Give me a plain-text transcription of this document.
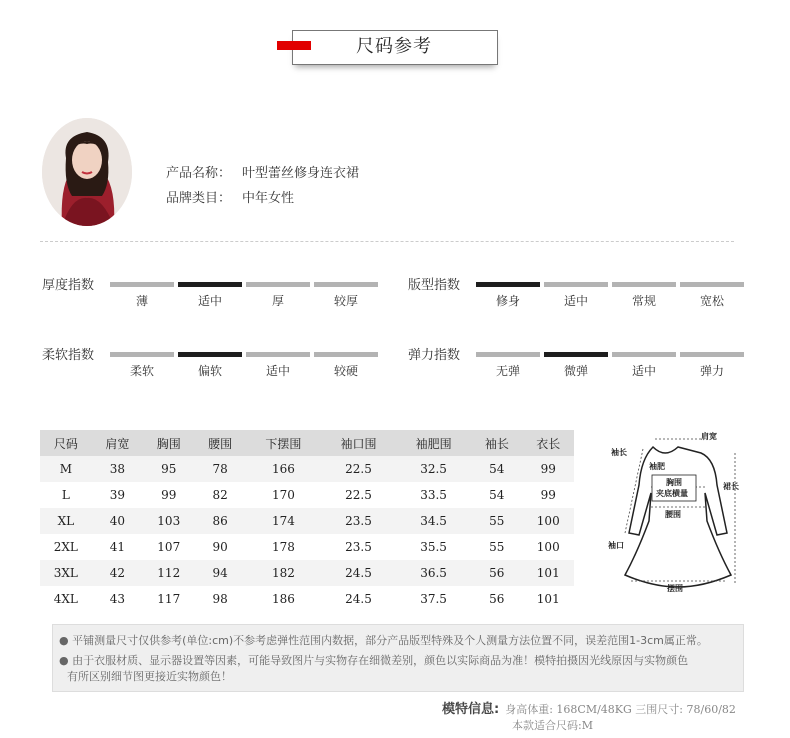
尺码参考
产品名称： 叶型蕾丝修身连衣裙
品牌类目： 中年女性
厚度指数
薄	适中	厚	较厚
版型指数
修身	适中	常规	宽松
柔软指数
柔软	偏软	适中	较硬
弹力指数
无弹	微弹	适中	弹力
尺码	肩宽	胸围	腰围	下摆围	袖口围	袖肥围	袖长	衣长
M	38	95	78	166	22.5	32.5	54	99
L	39	99	82	170	22.5	33.5	54	99
XL	40	103	86	174	23.5	34.5	55	100
2XL	41	107	90	178	23.5	35.5	55	100
3XL	42	112	94	182	24.5	36.5	56	101
4XL	43	117	98	186	24.5	37.5	56	101
肩宽
袖长
袖肥
胸围
夹底横量
裙长
腰围
袖口
摆围
● 平铺测量尺寸仅供参考(单位:cm)不参考虑弹性范围内数据，部分产品版型特殊及个人测量方法位置不同，误差范围1-3cm属正常。
● 由于衣服材质、显示器设置等因素，可能导致图片与实物存在细微差别，颜色以实际商品为准！模特拍摄因光线原因与实物颜色
有所区别细节图更接近实物颜色！
模特信息: 身高体重: 168CM/48KG 三围尺寸: 78/60/82
本款适合尺码:M
